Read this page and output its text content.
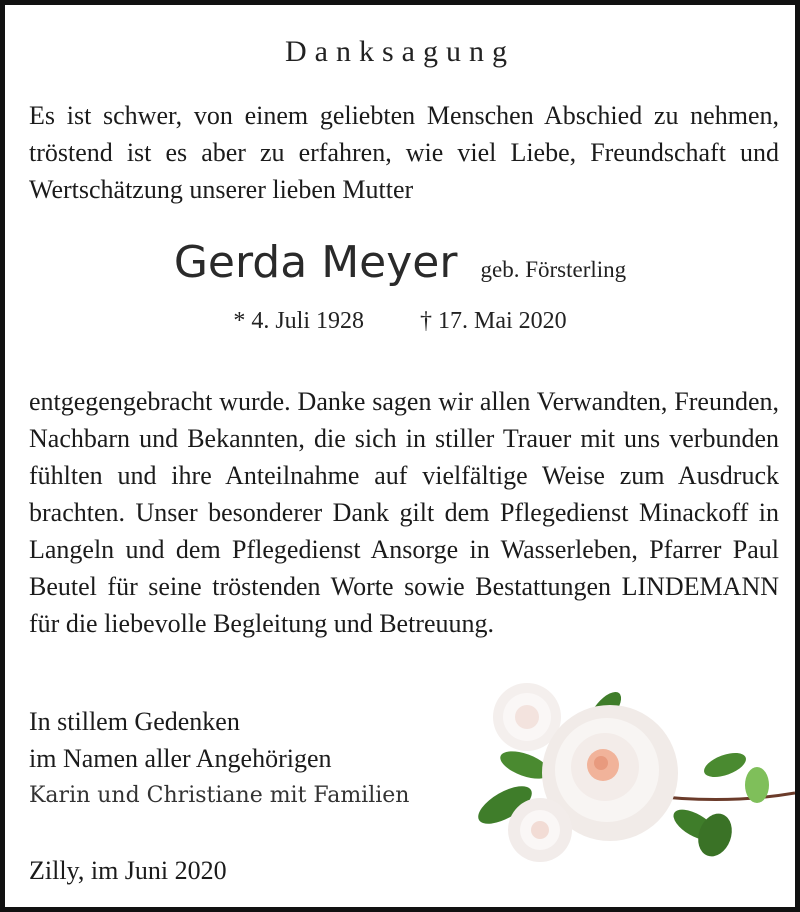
Danksagung

Es ist schwer, von einem geliebten Menschen Abschied zu nehmen, tröstend ist es aber zu erfahren, wie viel Liebe, Freundschaft und Wertschätzung unserer lieben Mutter

Gerda Meyer geb. Försterling
* 4. Juli 1928 † 17. Mai 2020

entgegengebracht wurde. Danke sagen wir allen Verwandten, Freunden, Nachbarn und Bekannten, die sich in stiller Trauer mit uns verbunden fühlten und ihre Anteilnahme auf vielfältige Weise zum Ausdruck brachten. Unser besonderer Dank gilt dem Pflegedienst Minackoff in Langeln und dem Pflegedienst Ansorge in Wasserleben, Pfarrer Paul Beutel für seine tröstenden Worte sowie Bestattungen LINDEMANN für die liebevolle Begleitung und Betreuung.

In stillem Gedenken
im Namen aller Angehörigen
Karin und Christiane mit Familien
Zilly, im Juni 2020
